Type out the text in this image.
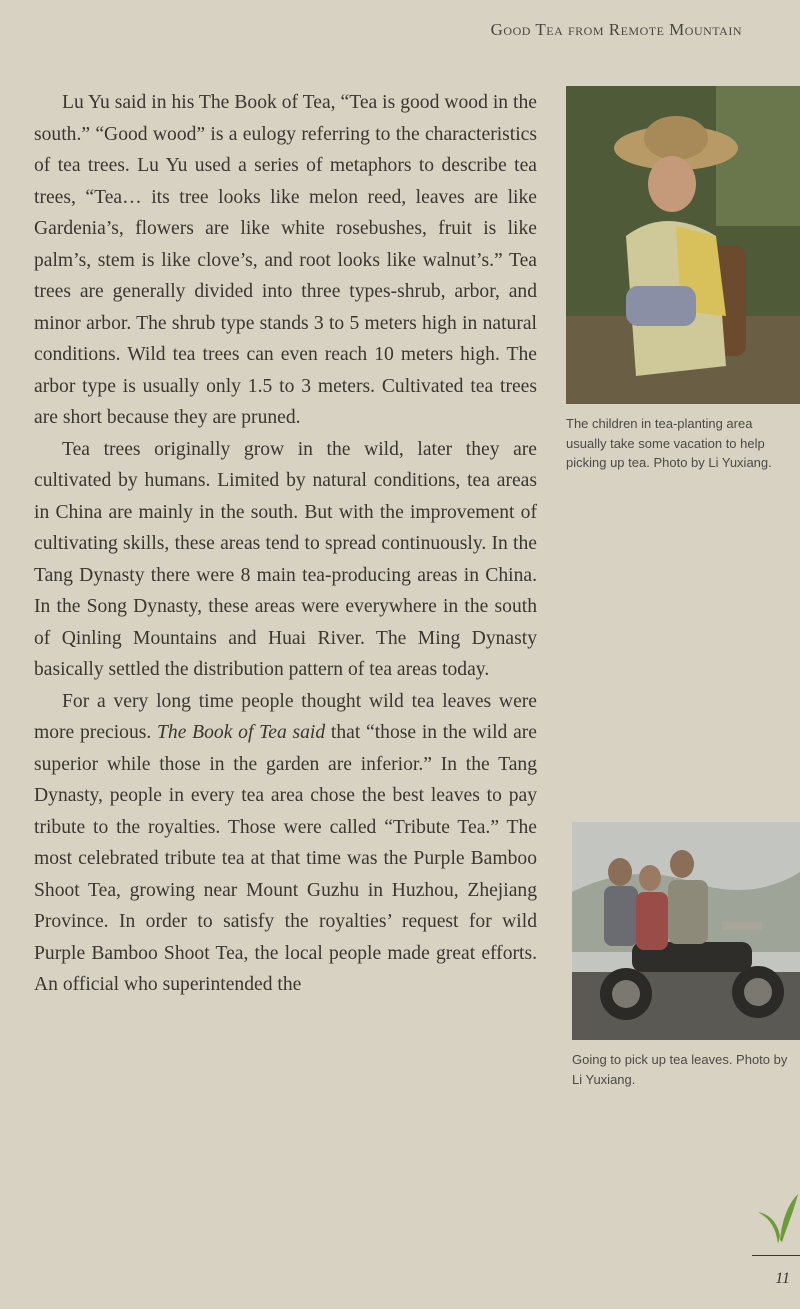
Good Tea from Remote Mountain

Lu Yu said in his The Book of Tea, “Tea is good wood in the south.” “Good wood” is a eulogy referring to the characteristics of tea trees. Lu Yu used a series of metaphors to describe tea trees, “Tea… its tree looks like melon reed, leaves are like Gardenia’s, flowers are like white rosebushes, fruit is like palm’s, stem is like clove’s, and root looks like walnut’s.” Tea trees are generally divided into three types-shrub, arbor, and minor arbor. The shrub type stands 3 to 5 meters high in natural conditions. Wild tea trees can even reach 10 meters high. The arbor type is usually only 1.5 to 3 meters. Cultivated tea trees are short because they are pruned.

Tea trees originally grow in the wild, later they are cultivated by humans. Limited by natural conditions, tea areas in China are mainly in the south. But with the improvement of cultivating skills, these areas tend to spread continuously. In the Tang Dynasty there were 8 main tea-producing areas in China. In the Song Dynasty, these areas were everywhere in the south of Qinling Mountains and Huai River. The Ming Dynasty basically settled the distribution pattern of tea areas today.

For a very long time people thought wild tea leaves were more precious. The Book of Tea said that “those in the wild are superior while those in the garden are inferior.” In the Tang Dynasty, people in every tea area chose the best leaves to pay tribute to the royalties. Those were called “Tribute Tea.” The most celebrated tribute tea at that time was the Purple Bamboo Shoot Tea, growing near Mount Guzhu in Huzhou, Zhejiang Province. In order to satisfy the royalties’ request for wild Purple Bamboo Shoot Tea, the local people made great efforts. An official who superintended the

The children in tea-planting area usually take some vacation to help picking up tea. Photo by Li Yuxiang.
Going to pick up tea leaves. Photo by Li Yuxiang.
11
